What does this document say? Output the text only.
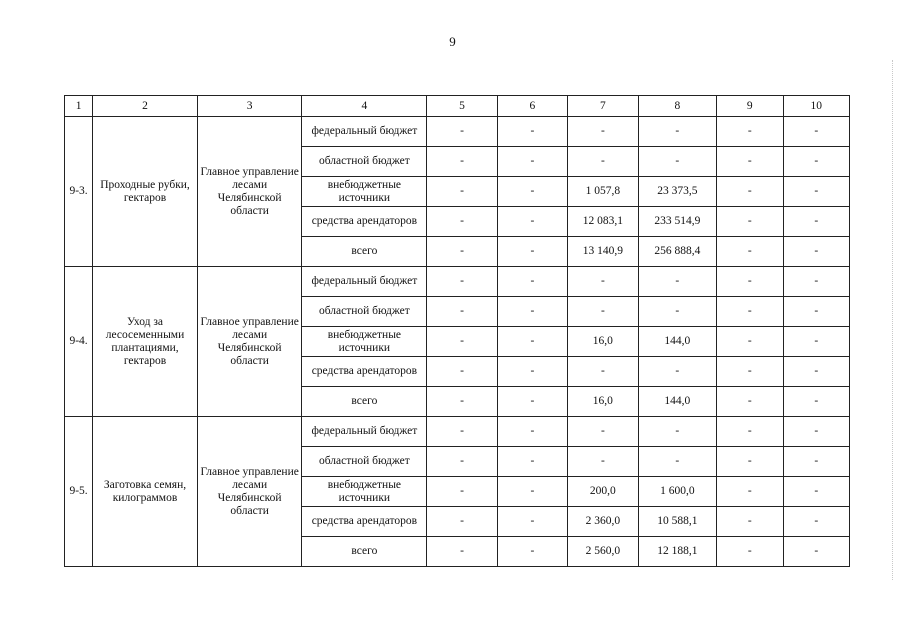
9
1	2	3	4	5	6	7	8	9	10
9-3.	Проходные рубки, гектаров	Главное управление лесами Челябинской области	федеральный бюджет	-	-	-	-	-	-
			областной бюджет	-	-	-	-	-	-
			внебюджетные источники	-	-	1 057,8	23 373,5	-	-
			средства арендаторов	-	-	12 083,1	233 514,9	-	-
			всего	-	-	13 140,9	256 888,4	-	-
9-4.	Уход за лесосеменными плантациями, гектаров	Главное управление лесами Челябинской области	федеральный бюджет	-	-	-	-	-	-
			областной бюджет	-	-	-	-	-	-
			внебюджетные источники	-	-	16,0	144,0	-	-
			средства арендаторов	-	-	-	-	-	-
			всего	-	-	16,0	144,0	-	-
9-5.	Заготовка семян, килограммов	Главное управление лесами Челябинской области	федеральный бюджет	-	-	-	-	-	-
			областной бюджет	-	-	-	-	-	-
			внебюджетные источники	-	-	200,0	1 600,0	-	-
			средства арендаторов	-	-	2 360,0	10 588,1	-	-
			всего	-	-	2 560,0	12 188,1	-	-
